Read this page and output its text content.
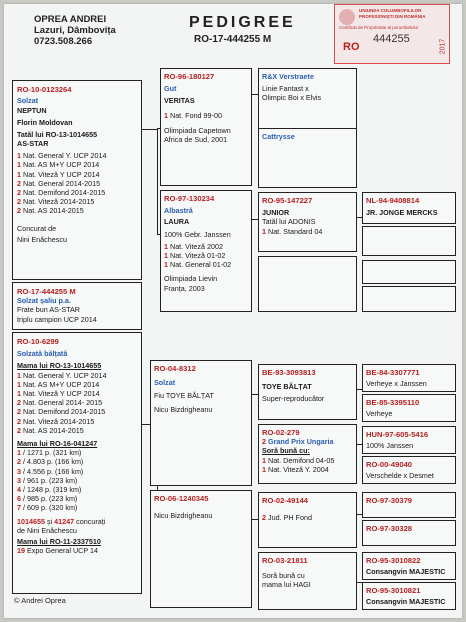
OPREA ANDREI
Lazuri, Dâmbovița
0723.508.266
PEDIGREE
RO-17-444255 M
UNIUNEA COLUMBOFILILOR
PROFESIONIȘTI DIN ROMÂNIA
Certificat de Proprietate al porumbelului
RO
444255	2017
RO-10-0123264
Solzat
NEPTUN
Florin Moldovan
Tatăl lui RO-13-1014655
AS-STAR
1 Nat. General Y. UCP 2014
1 Nat. AS M+Y UCP 2014
1 Nat. Viteză Y UCP 2014
2 Nat. General 2014-2015
2 Nat. Demifond 2014-2015
2 Nat. Viteză 2014-2015
2 Nat. AS 2014-2015
Concurat de
Nini Enăchescu
RO-17-444255 M
Solzat șaliu p.a.
Frate bun AS-STAR
triplu campion UCP 2014
RO-10-6299
Solzată bălțată
Mama lui RO-13-1014655
1 Nat. General Y. UCP 2014
1 Nat. AS M+Y UCP 2014
1 Nat. Viteză Y UCP 2014
2 Nat. General 2014- 2015
2 Nat. Demifond 2014-2015
2 Nat. Viteză 2014-2015
2 Nat. AS 2014-2015
Mama lui RO-16-041247
1 / 1271 p. (321 km)
2 / 4.803 p. (166 km)
3 / 4.556 p. (166 km)
3 / 961 p. (223 km)
4 / 1248 p. (319 km)
6 / 985 p. (223 km)
7 / 609 p. (320 km)
1014655 și 41247 concurați
de Nini Enăchescu
Mama lui RO-11-2337510
19 Expo General UCP 14
© Andrei Oprea
RO-96-180127
Gut
VERITAS
1 Nat. Fond 99-00
Olimpiada Capetown
Africa de Sud, 2001
RO-97-130234
Albastră
LAURA
100% Gebr. Janssen
1 Nat. Viteză 2002
1 Nat. Viteză 01-02
1 Nat. General 01-02
Olimpiada Lievin
Franța, 2003
RO-04-8312
Solzat
Fiu TOYE BĂLȚAT
Nicu Bizdrigheanu
RO-06-1240345
Nicu Bizdrigheanu
R&X Verstraete
Linie Fantast x
Olimpic Boi x Elvis
Cattrysse
RO-95-147227
JUNIOR
Tatăl lui ADONIS
1 Nat. Standard 04
BE-93-3093813
TOYE BĂLȚAT
Super-reproducător
RO-02-279
2 Grand Prix Ungaria
Soră bună cu:
1 Nat. Demifond 04-05
1 Nat. Viteză Y. 2004
RO-02-49144
2 Jud. PH Fond
RO-03-21811
Soră bună cu
mama lui HAGI
NL-94-9408814
JR. JONGE MERCKS
BE-84-3307771
Verheye x Janssen
BE-85-3395110
Verheye
HUN-97-605-5416
100% Janssen
RO-00-49040
Verschelde x Desmet
RO-97-30379
RO-97-30328
RO-95-3010822
Consangvin MAJESTIC
RO-95-3010821
Consangvin MAJESTIC
